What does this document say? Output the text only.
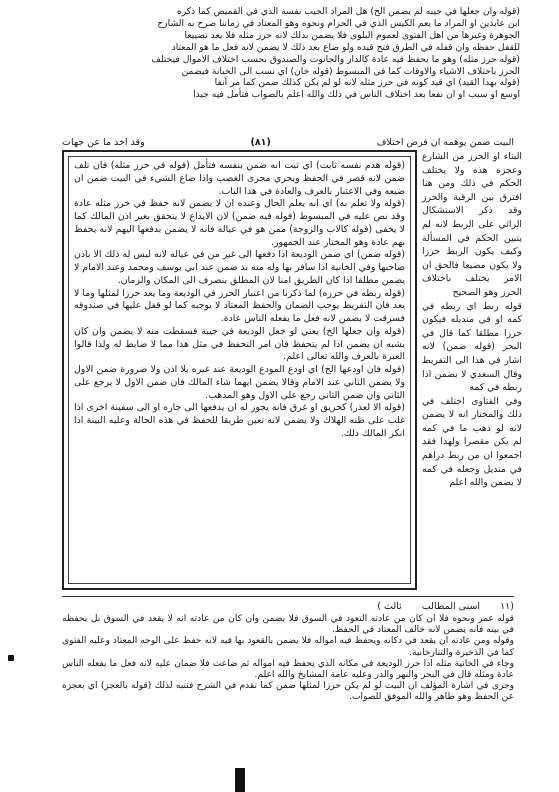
(قوله وان جعلها في جيبه لم يضمن الخ) هل المراد الجيب نفسه الذي في القميص كما ذكره

ابن عابدين او المراد ما يعم الكيس الذي في الحزام ونحوه وهو المعتاد في زماننا صرح به الشارح

الجوهرة وغيرها من اهل الفتوى لعموم البلوى فلا يضمن بذلك لانه حرز مثله فلا يعد تضييعا

للقفل حفظه وان قفله في الطرق فتح قيده ولو ضاع بعد ذلك لا يضمن لانه فعل ما هو المعتاد

(قوله حرز مثله) وهو ما يحفظ فيه عادة كالدار والحانوت والصندوق بحسب اختلاف الاموال فيختلف

الحرز باختلاف الاشياء والاوقات كما في المبسوط (قوله خان) اي نسب الى الخيانة فيضمن

(قوله بهذا القيد) اي قيد كونه في حرز مثله لانه لو لم يكن كذلك ضمن كما مر آنفا

اوسع او سبب او ان نفعا بعد اختلاف الناس في ذلك والله اعلم بالصواب فتأمل فيه جيدا

البيت ضمن يوهمه ان فرض اختلاف
(٨١)
وقد اخذ ما عن جهات

البناء او الحرز من الشارع وعجزه هذه ولا يختلف الحكم في ذلك ومن هنا افترق بين الرقبة والحرز وقد ذكر الاستشكال الرائي على الربط لانه لم يتبين الحكم في المسألة وكيف يكون الربط حرزا ولا يكون مضيعا فالحق ان الامر يختلف باختلاف الحرز وهو الصحيح

قوله ربط اي ربطه في كمه او في منديله فيكون حرزا مطلقا كما قال في البحر (قوله ضمن) لانه اشار في هذا الى التفريط وقال السغدي لا يضمن اذا ربطه في كمه

وفي الفتاوى اختلف في ذلك والمختار انه لا يضمن لانه لو ذهب ما في كمه لم يكن مقصرا ولهذا فقد اجمعوا ان من ربط دراهم في منديل وجعله في كمه لا يضمن والله اعلم

(قوله هدم نفسه ثابت) اي ثبت انه ضمن بنفسه فتأمل (قوله في حرز مثله) فان تلف ضمن لانه قصر في الحفظ ويجري مجرى الغصب واذا ضاع الشيء في البيت ضمن ان ضيعه وفي الاعتبار بالعرف والعادة في هذا الباب.

(قوله ولا تعلم به) اي انه يعلم الحال وعنده ان لا يضمن لانه حفظ في حرز مثله عادة وقد نص عليه في المبسوط (قوله فيه ضمن) لان الايداع لا يتحقق بغير اذن المالك كما لا يخفى (قوله كالاب والزوجة) ممن هو في عياله فانه لا يضمن بدفعها اليهم لانه يحفظ بهم عادة وهو المختار عند الجمهور.

(قوله ضمن) اي ضمن الوديعة اذا دفعها الى غير من في عياله لانه ليس له ذلك الا باذن صاحبها وفي الخانية اذا سافر بها وله منه بد ضمن عند ابي يوسف ومحمد وعند الامام لا يضمن مطلقا اذا كان الطريق امنا لان المطلق ينصرف الى المكان والزمان.

(قوله ربطه في حرزه) لما ذكرنا من اعتبار الحرز في الوديعة وما يعد حرزا لمثلها وما لا يعد فان التفريط يوجب الضمان والحفظ المعتاد لا يوجبه كما لو قفل عليها في صندوقه فسرقت لا يضمن لانه فعل ما يفعله الناس عادة.

(قوله وان جعلها الخ) يعني لو جعل الوديعة في جيبه فسقطت منه لا يضمن وان كان يشبه ان يضمن اذا لم يتحفظ فان امر التحفظ في مثل هذا مما لا ضابط له ولذا قالوا العبرة بالعرف والله تعالى اعلم.

(قوله فان اودعها الخ) اي اودع المودع الوديعة عند غيره بلا اذن ولا ضرورة ضمن الاول ولا يضمن الثاني عند الامام وقالا يضمن ايهما شاء المالك فان ضمن الاول لا يرجع على الثاني وان ضمن الثاني رجع على الاول وهو المذهب.

(قوله الا لعذر) كحريق او غرق فانه يجوز له ان يدفعها الى جاره او الى سفينة اخرى اذا غلب على ظنه الهلاك ولا يضمن لانه تعين طريقا للحفظ في هذه الحالة وعليه البينة اذا انكر المالك ذلك.

(١١
اسنى المطالب
ثالث )

قوله عمر ونحوه فلا ان كان من عادته التعود في السوق فلا يضمن وان كان من عادته انه لا يقعد في السوق بل يحفظه في بيته فانه يضمن لانه خالف المعتاد في الحفظ.

وقوله ومن عادته ان يقعد في دكانه ويحفظ فيه امواله فلا يضمن بالقعود بها فيه لانه حفظ على الوجه المعتاد وعليه الفتوى كما في الذخيرة والتتارخانية.

وجاء في الخانية مثله اذا حرز الوديعة في مكانه الذي يحفظ فيه امواله ثم ضاعت فلا ضمان عليه لانه فعل ما يفعله الناس عادة ومثله قال في البحر والنهر والدر وعليه عامة المشايخ والله اعلم.

وجرى في اشارة المؤلف ان البيت لو لم يكن حرزا لمثلها ضمن كما تقدم في الشرح فتنبه لذلك (قوله بالعجز) اي بعجزه عن الحفظ وهو ظاهر والله الموفق للصواب.
